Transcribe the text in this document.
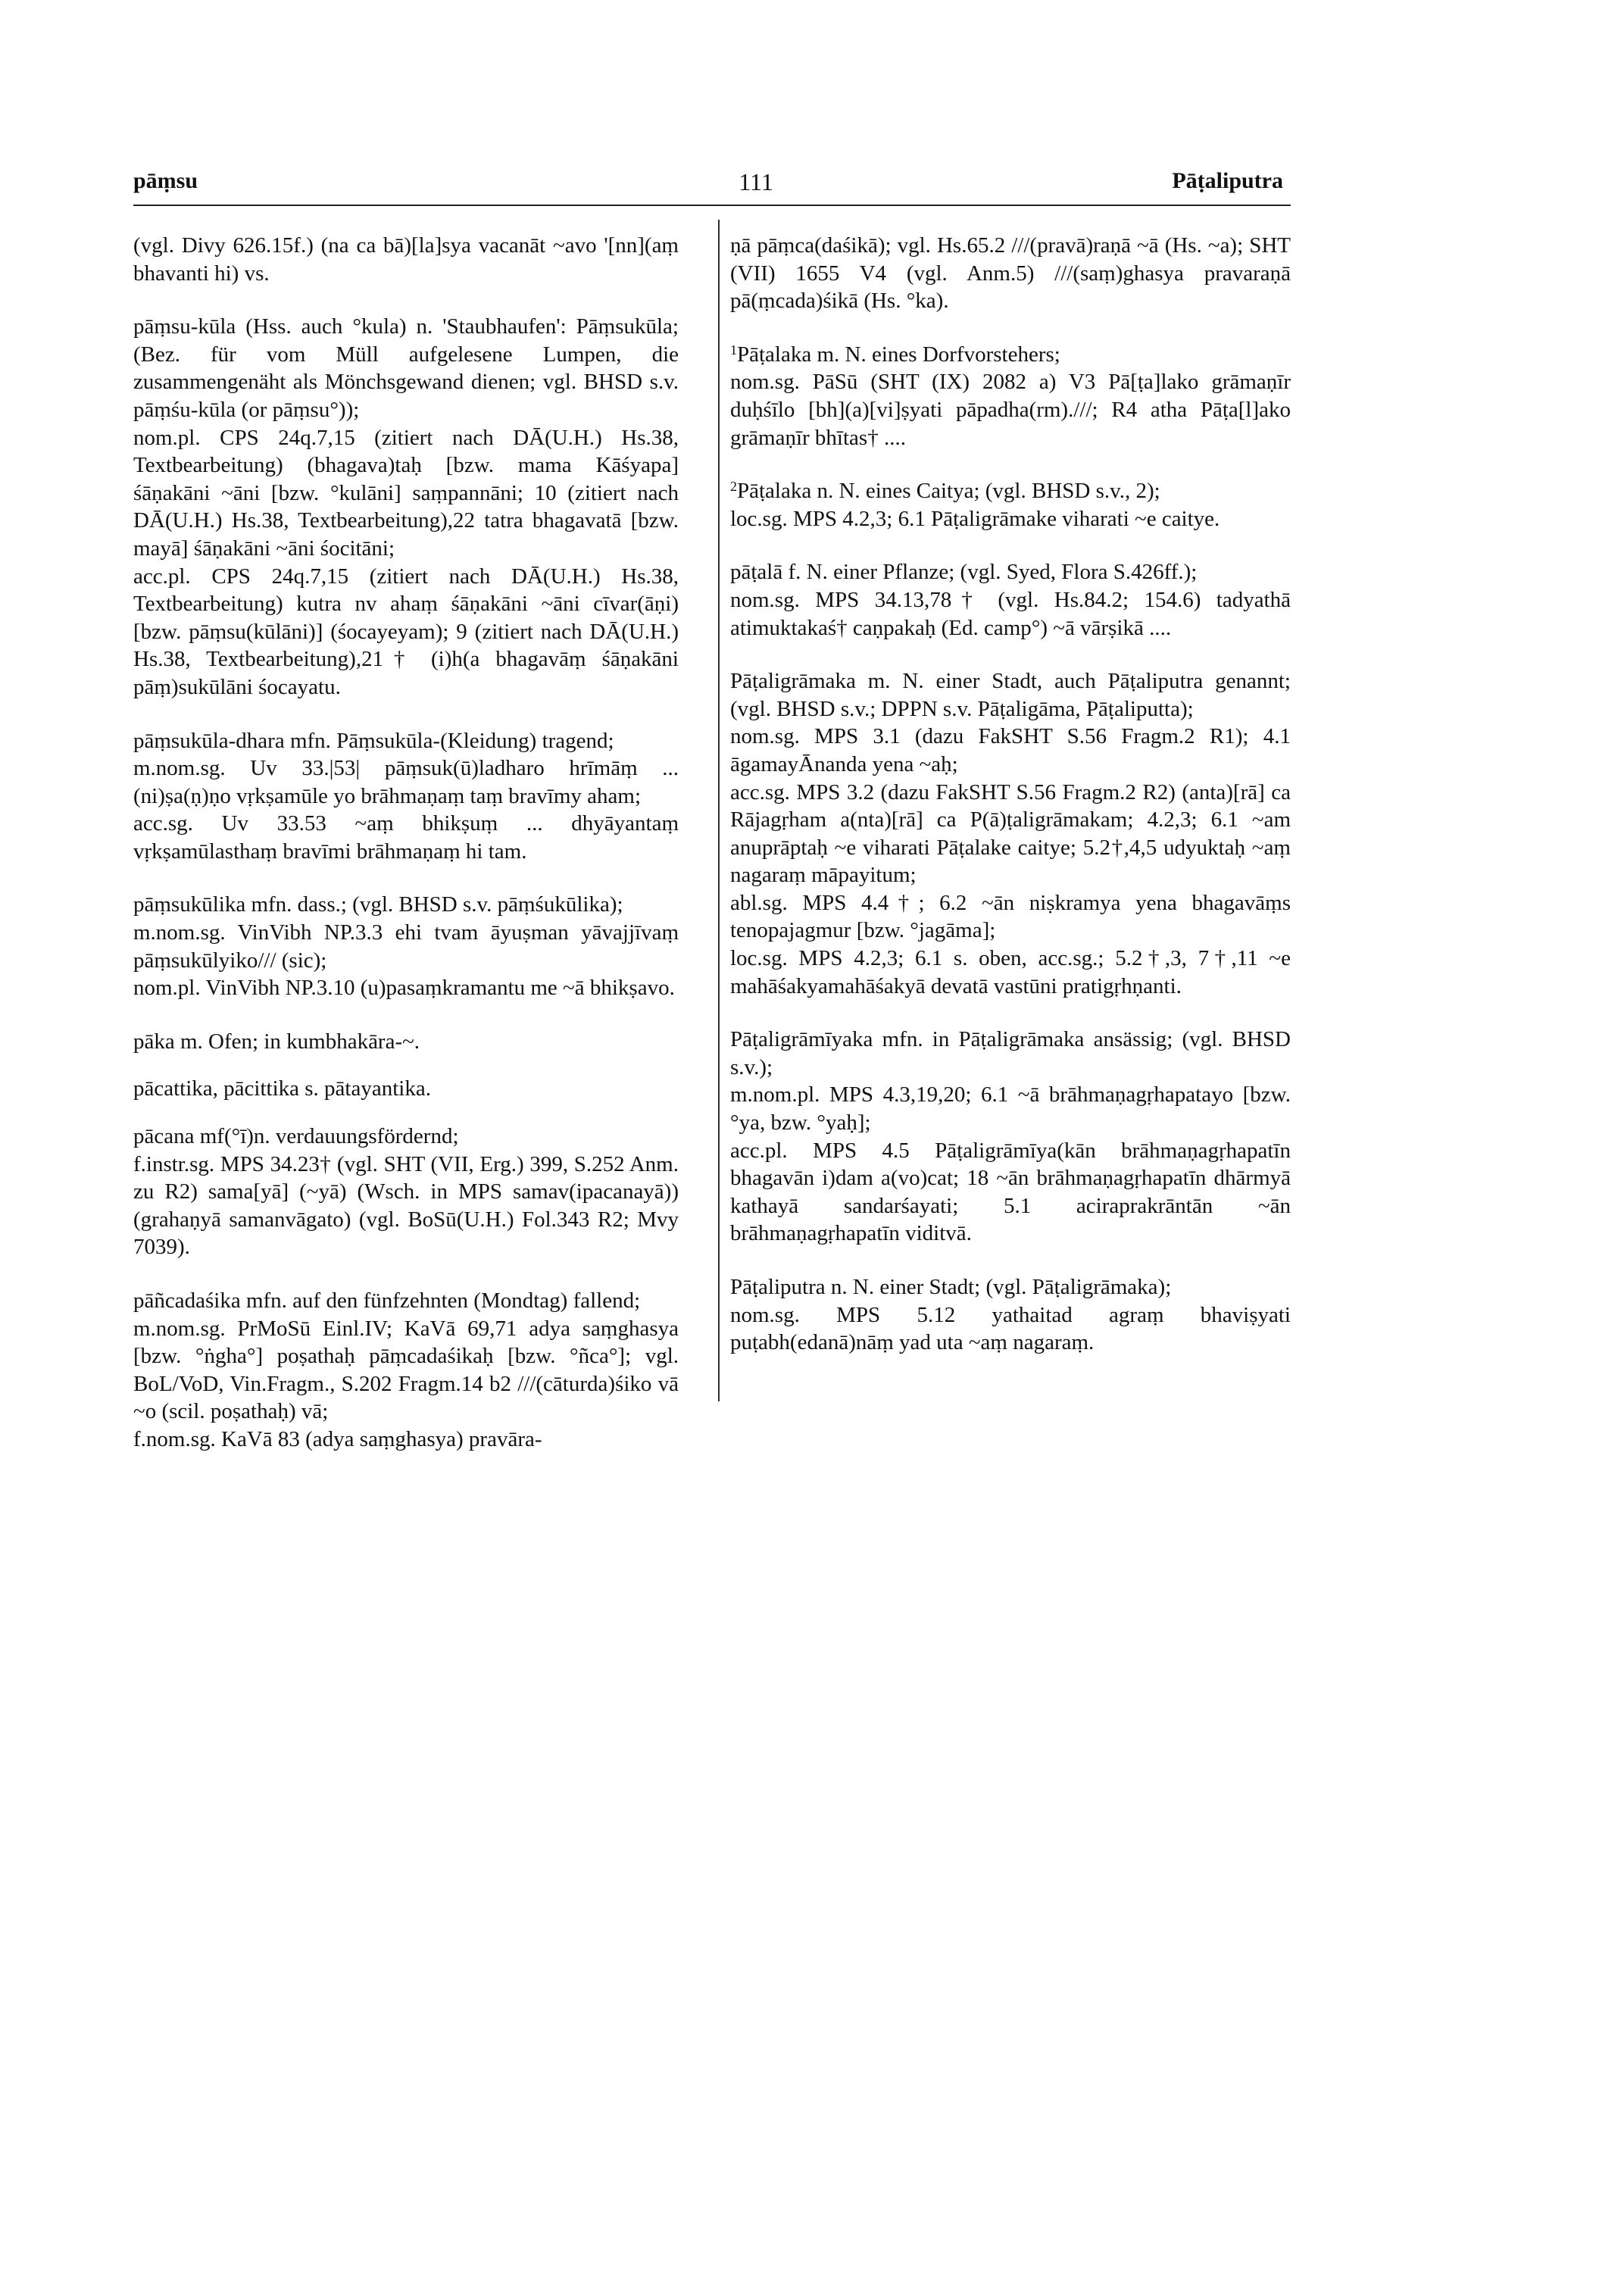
pāṃsu	111	Pāṭaliputra

(vgl. Divy 626.15f.) (na ca bā)[la]sya vacanāt ~avo '[nn](aṃ bhavanti hi) vs.

pāṃsu-kūla (Hss. auch °kula) n. 'Staubhaufen': Pāṃsukūla; (Bez. für vom Müll aufgelesene Lumpen, die zusammengenäht als Mönchsgewand dienen; vgl. BHSD s.v. pāṃśu-kūla (or pāṃsu°));

nom.pl. CPS 24q.7,15 (zitiert nach DĀ(U.H.) Hs.38, Textbearbeitung) (bhagava)taḥ [bzw. mama Kāśyapa] śāṇakāni ~āni [bzw. °kulāni] saṃpannāni; 10 (zitiert nach DĀ(U.H.) Hs.38, Textbearbeitung),22 tatra bhagavatā [bzw. mayā] śāṇakāni ~āni śocitāni;

acc.pl. CPS 24q.7,15 (zitiert nach DĀ(U.H.) Hs.38, Textbearbeitung) kutra nv ahaṃ śāṇakāni ~āni cīvar(āṇi) [bzw. pāṃsu(kūlāni)] (śocayeyam); 9 (zitiert nach DĀ(U.H.) Hs.38, Textbearbeitung),21† (i)h(a bhagavāṃ śāṇakāni pāṃ)sukūlāni śocayatu.

pāṃsukūla-dhara mfn. Pāṃsukūla-(Kleidung) tragend;

m.nom.sg. Uv 33.|53| pāṃsuk(ū)ladharo hrīmāṃ ... (ni)ṣa(ṇ)ṇo vṛkṣamūle yo brāhmaṇaṃ taṃ bravīmy aham;

acc.sg. Uv 33.53 ~aṃ bhikṣuṃ ... dhyāyantaṃ vṛkṣamūlasthaṃ bravīmi brāhmaṇaṃ hi tam.

pāṃsukūlika mfn. dass.; (vgl. BHSD s.v. pāṃśukūlika);

m.nom.sg. VinVibh NP.3.3 ehi tvam āyuṣman yāvajjīvaṃ pāṃsukūlyiko/// (sic);

nom.pl. VinVibh NP.3.10 (u)pasaṃkramantu me ~ā bhikṣavo.

pāka m. Ofen; in kumbhakāra-~.

pācattika, pācittika s. pātayantika.

pācana mf(°ī)n. verdauungsfördernd;

f.instr.sg. MPS 34.23† (vgl. SHT (VII, Erg.) 399, S.252 Anm. zu R2) sama[yā] (~yā) (Wsch. in MPS samav(ipacanayā)) (grahaṇyā samanvāgato) (vgl. BoSū(U.H.) Fol.343 R2; Mvy 7039).

pāñcadaśika mfn. auf den fünfzehnten (Mondtag) fallend;

m.nom.sg. PrMoSū Einl.IV; KaVā 69,71 adya saṃghasya [bzw. °ṅgha°] poṣathaḥ pāṃcadaśikaḥ [bzw. °ñca°]; vgl. BoL/VoD, Vin.Fragm., S.202 Fragm.14 b2 ///(cāturda)śiko vā ~o (scil. poṣathaḥ) vā;

f.nom.sg. KaVā 83 (adya saṃghasya) pravāra-

ṇā pāṃca(daśikā); vgl. Hs.65.2 ///(pravā)raṇā ~ā (Hs. ~a); SHT (VII) 1655 V4 (vgl. Anm.5) ///(saṃ)ghasya pravaraṇā pā(ṃcada)śikā (Hs. °ka).

$^1$Pāṭalaka m. N. eines Dorfvorstehers;

nom.sg. PāSū (SHT (IX) 2082 a) V3 Pā[ṭa]lako grāmaṇīr duḥśīlo [bh](a)[vi]ṣyati pāpadha(rm).///; R4 atha Pāṭa[l]ako grāmaṇīr bhītas† ....

$^2$Pāṭalaka n. N. eines Caitya; (vgl. BHSD s.v., 2);

loc.sg. MPS 4.2,3; 6.1 Pāṭaligrāmake viharati ~e caitye.

pāṭalā f. N. einer Pflanze; (vgl. Syed, Flora S.426ff.);

nom.sg. MPS 34.13,78† (vgl. Hs.84.2; 154.6) tadyathā atimuktakaś† caṇpakaḥ (Ed. camp°) ~ā vārṣikā ....

Pāṭaligrāmaka m. N. einer Stadt, auch Pāṭaliputra genannt; (vgl. BHSD s.v.; DPPN s.v. Pāṭaligāma, Pāṭaliputta);

nom.sg. MPS 3.1 (dazu FakSHT S.56 Fragm.2 R1); 4.1 āgamayĀnanda yena ~aḥ;

acc.sg. MPS 3.2 (dazu FakSHT S.56 Fragm.2 R2) (anta)[rā] ca Rājagṛham a(nta)[rā] ca P(ā)ṭaligrāmakam; 4.2,3; 6.1 ~am anuprāptaḥ ~e viharati Pāṭalake caitye; 5.2†,4,5 udyuktaḥ ~aṃ nagaraṃ māpayitum;

abl.sg. MPS 4.4†; 6.2 ~ān niṣkramya yena bhagavāṃs tenopajagmur [bzw. °jagāma];

loc.sg. MPS 4.2,3; 6.1 s. oben, acc.sg.; 5.2†,3, 7†,11 ~e mahāśakyamahāśakyā devatā vastūni pratigṛhṇanti.

Pāṭaligrāmīyaka mfn. in Pāṭaligrāmaka ansässig; (vgl. BHSD s.v.);

m.nom.pl. MPS 4.3,19,20; 6.1 ~ā brāhmaṇagṛhapatayo [bzw. °ya, bzw. °yaḥ];

acc.pl. MPS 4.5 Pāṭaligrāmīya(kān brāhmaṇagṛhapatīn bhagavān i)dam a(vo)cat; 18 ~ān brāhmaṇagṛhapatīn dhārmyā kathayā sandarśayati; 5.1 aciraprakrāntān ~ān brāhmaṇagṛhapatīn viditvā.

Pāṭaliputra n. N. einer Stadt; (vgl. Pāṭaligrāmaka);

nom.sg. MPS 5.12 yathaitad agraṃ bhaviṣyati puṭabh(edanā)nāṃ yad uta ~aṃ nagaraṃ.
